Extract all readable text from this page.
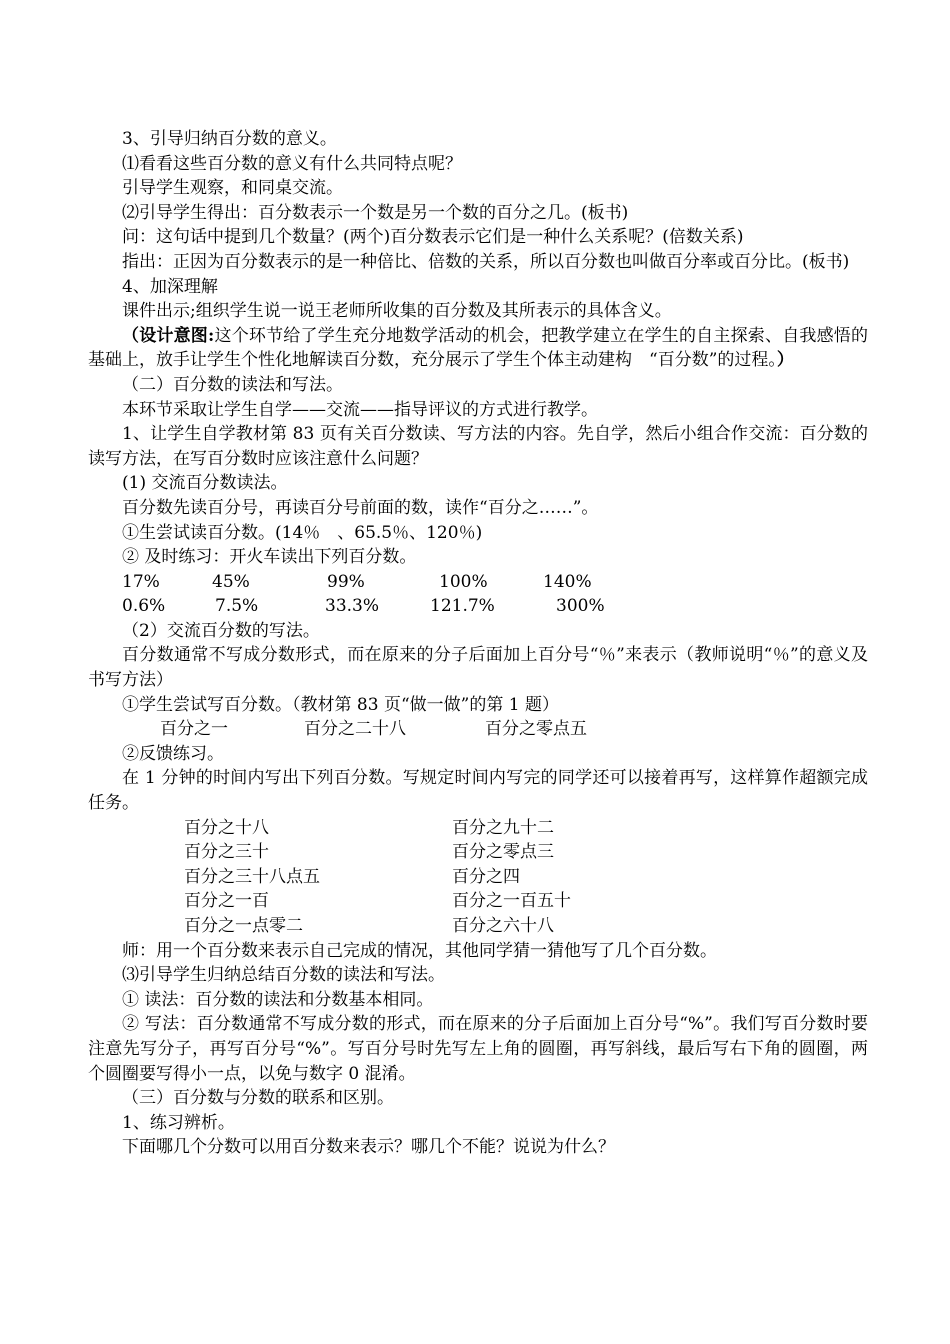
3、引导归纳百分数的意义。

⑴看看这些百分数的意义有什么共同特点呢？

引导学生观察，和同桌交流。

⑵引导学生得出：百分数表示一个数是另一个数的百分之几。(板书)

问：这句话中提到几个数量？(两个)百分数表示它们是一种什么关系呢？(倍数关系)

指出：正因为百分数表示的是一种倍比、倍数的关系，所以百分数也叫做百分率或百分比。(板书)

4、加深理解

课件出示;组织学生说一说王老师所收集的百分数及其所表示的具体含义。

（设计意图:这个环节给了学生充分地数学活动的机会，把教学建立在学生的自主探索、自我感悟的基础上，放手让学生个性化地解读百分数，充分展示了学生个体主动建构　“百分数”的过程。）

（二）百分数的读法和写法。

本环节采取让学生自学——交流——指导评议的方式进行教学。

1、让学生自学教材第 83 页有关百分数读、写方法的内容。先自学，然后小组合作交流：百分数的读写方法，在写百分数时应该注意什么问题？

(1) 交流百分数读法。

百分数先读百分号，再读百分号前面的数，读作“百分之……”。

①生尝试读百分数。(14％　、65.5％、120％)

② 及时练习：开火车读出下列百分数。

17%	45%	99%	100%	140%
0.6%	7.5%	33.3%	121.7%	300%

（2）交流百分数的写法。

百分数通常不写成分数形式，而在原来的分子后面加上百分号“％”来表示（教师说明“％”的意义及书写方法）

①学生尝试写百分数。（教材第 83 页“做一做”的第 1 题）

百分之一	百分之二十八	百分之零点五

②反馈练习。

在 1 分钟的时间内写出下列百分数。写规定时间内写完的同学还可以接着再写，这样算作超额完成任务。

百分之十八	百分之九十二
百分之三十	百分之零点三
百分之三十八点五	百分之四
百分之一百	百分之一百五十
百分之一点零二	百分之六十八

师：用一个百分数来表示自己完成的情况，其他同学猜一猜他写了几个百分数。

⑶引导学生归纳总结百分数的读法和写法。

① 读法：百分数的读法和分数基本相同。

② 写法：百分数通常不写成分数的形式，而在原来的分子后面加上百分号“%”。我们写百分数时要注意先写分子，再写百分号“%”。写百分号时先写左上角的圆圈，再写斜线，最后写右下角的圆圈，两个圆圈要写得小一点，以免与数字 0 混淆。

（三）百分数与分数的联系和区别。

1、练习辨析。

下面哪几个分数可以用百分数来表示？哪几个不能？说说为什么？
